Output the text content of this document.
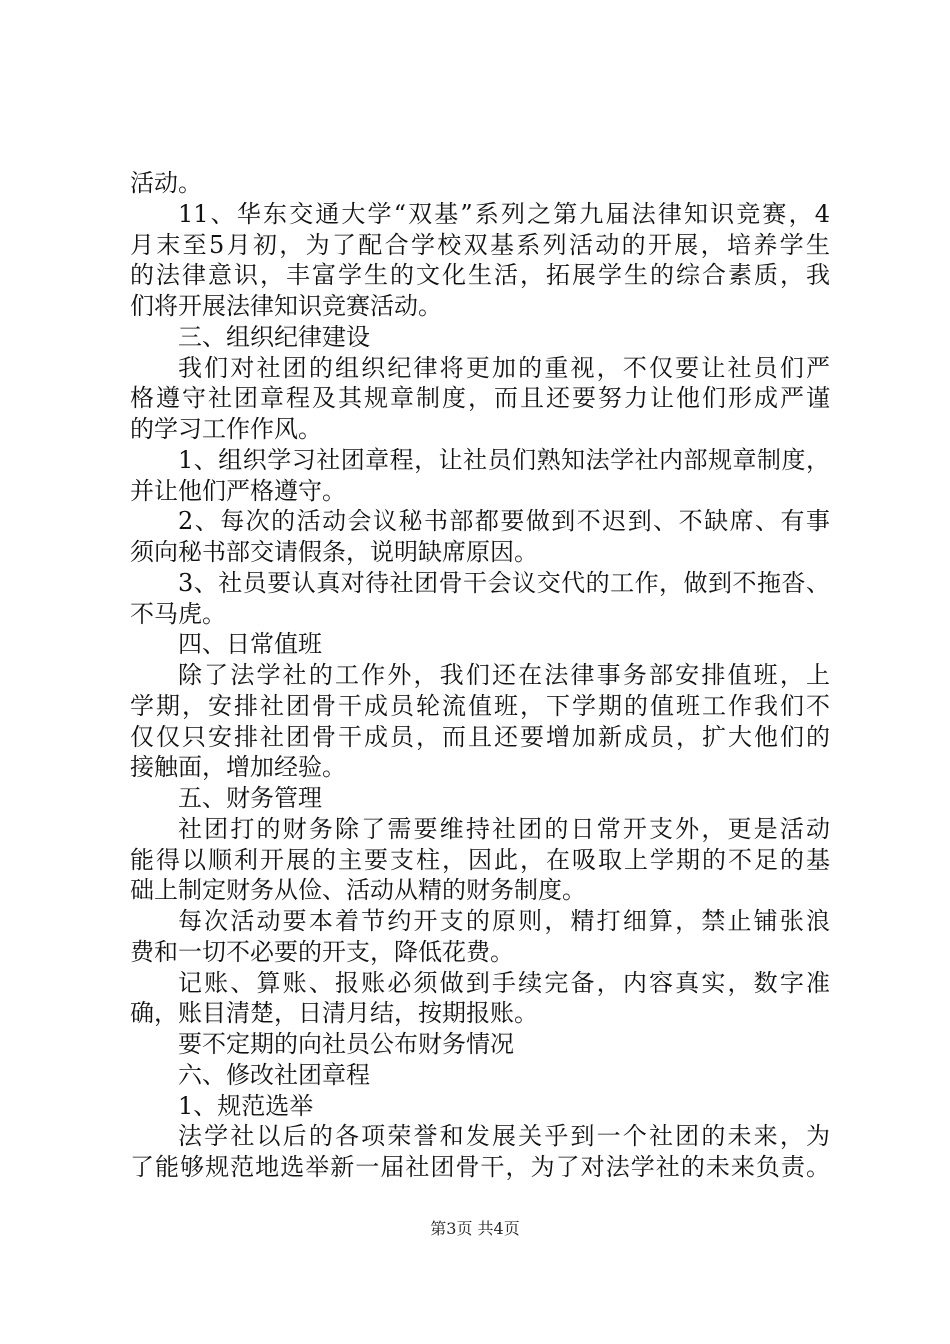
活动。
11、华东交通大学“双基”系列之第九届法律知识竞赛，4
月末至5月初，为了配合学校双基系列活动的开展，培养学生
的法律意识，丰富学生的文化生活，拓展学生的综合素质，我
们将开展法律知识竞赛活动。
三、组织纪律建设
我们对社团的组织纪律将更加的重视，不仅要让社员们严
格遵守社团章程及其规章制度，而且还要努力让他们形成严谨
的学习工作作风。
1、组织学习社团章程，让社员们熟知法学社内部规章制度，
并让他们严格遵守。
2、每次的活动会议秘书部都要做到不迟到、不缺席、有事
须向秘书部交请假条，说明缺席原因。
3、社员要认真对待社团骨干会议交代的工作，做到不拖沓、
不马虎。
四、日常值班
除了法学社的工作外，我们还在法律事务部安排值班，上
学期，安排社团骨干成员轮流值班，下学期的值班工作我们不
仅仅只安排社团骨干成员，而且还要增加新成员，扩大他们的
接触面，增加经验。
五、财务管理
社团打的财务除了需要维持社团的日常开支外，更是活动
能得以顺利开展的主要支柱，因此，在吸取上学期的不足的基
础上制定财务从俭、活动从精的财务制度。
每次活动要本着节约开支的原则，精打细算，禁止铺张浪
费和一切不必要的开支，降低花费。
记账、算账、报账必须做到手续完备，内容真实，数字准
确，账目清楚，日清月结，按期报账。
要不定期的向社员公布财务情况
六、修改社团章程
1、规范选举
法学社以后的各项荣誉和发展关乎到一个社团的未来，为
了能够规范地选举新一届社团骨干，为了对法学社的未来负责。
第3页 共4页
